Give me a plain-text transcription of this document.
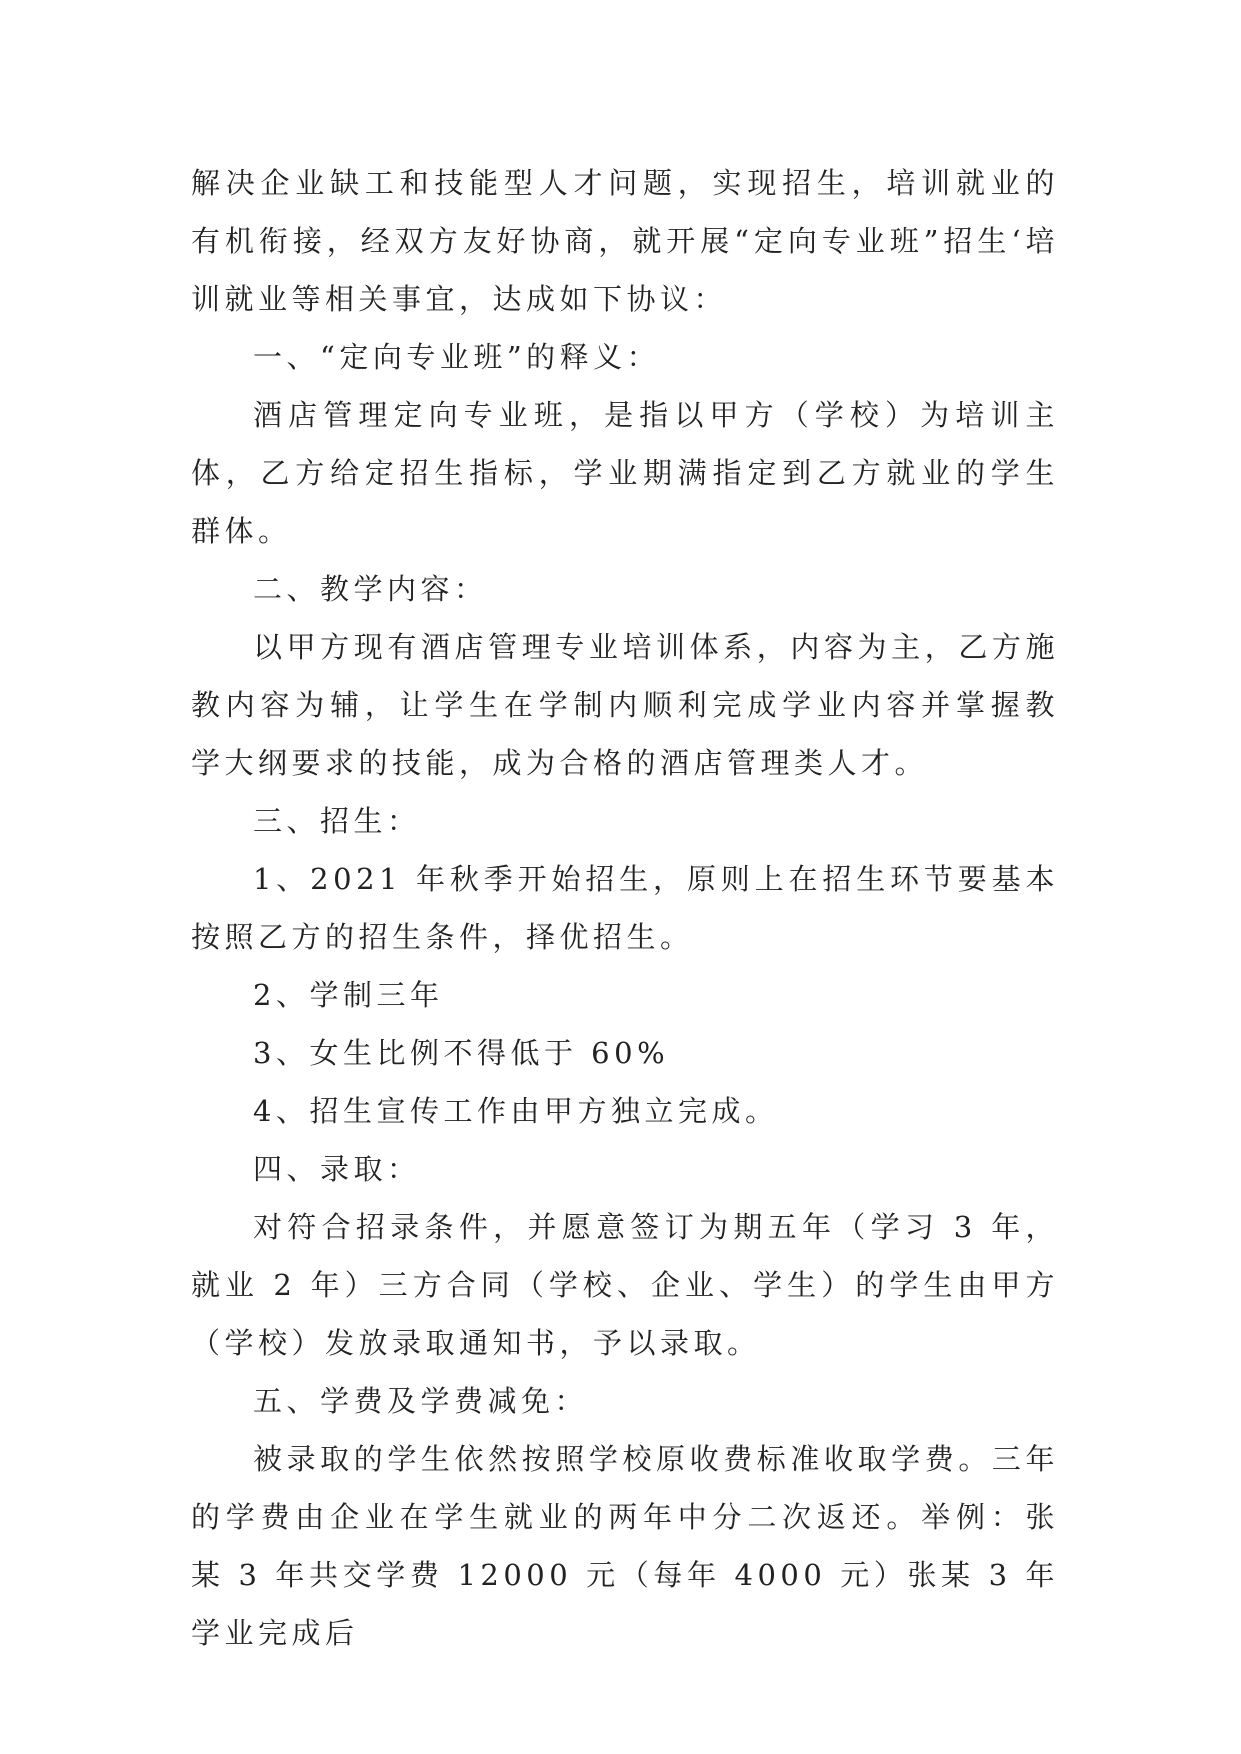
解决企业缺工和技能型人才问题，实现招生，培训就业的有机衔接，经双方友好协商，就开展“定向专业班”招生‘培训就业等相关事宜，达成如下协议：

一、“定向专业班”的释义：

酒店管理定向专业班，是指以甲方（学校）为培训主体，乙方给定招生指标，学业期满指定到乙方就业的学生群体。

二、教学内容：

以甲方现有酒店管理专业培训体系，内容为主，乙方施教内容为辅，让学生在学制内顺利完成学业内容并掌握教学大纲要求的技能，成为合格的酒店管理类人才。

三、招生：

1、2021 年秋季开始招生，原则上在招生环节要基本按照乙方的招生条件，择优招生。

2、学制三年

3、女生比例不得低于 60%

4、招生宣传工作由甲方独立完成。

四、录取：

对符合招录条件，并愿意签订为期五年（学习 3 年，就业 2 年）三方合同（学校、企业、学生）的学生由甲方（学校）发放录取通知书，予以录取。

五、学费及学费减免：

被录取的学生依然按照学校原收费标准收取学费。三年的学费由企业在学生就业的两年中分二次返还。举例：张某 3 年共交学费 12000 元（每年 4000 元）张某 3 年学业完成后
